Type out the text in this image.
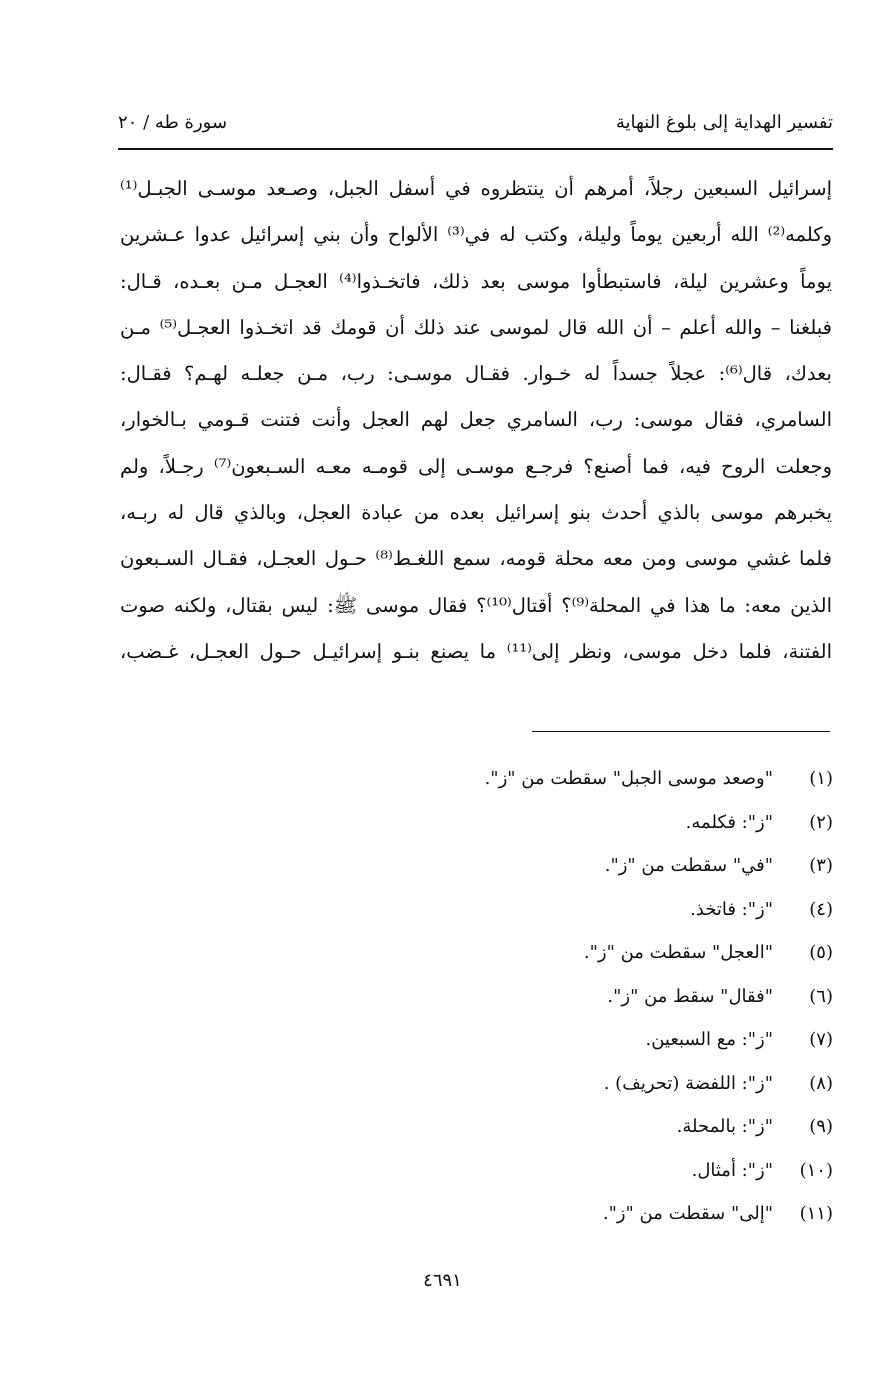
تفسير الهداية إلى بلوغ النهاية
سورة طه / ٢٠
إسرائيل السبعين رجلاً، أمرهم أن ينتظروه في أسفل الجبل، وصـعد موسـى الجبـل⁽¹⁾
وكلمه⁽²⁾ الله أربعين يوماً وليلة، وكتب له في⁽³⁾ الألواح وأن بني إسرائيل عدوا عـشرين
يوماً وعشرين ليلة، فاستبطأوا موسى بعد ذلك، فاتخـذوا⁽⁴⁾ العجـل مـن بعـده، قـال:
فبلغنا – والله أعلم – أن الله قال لموسى عند ذلك أن قومك قد اتخـذوا العجـل⁽⁵⁾ مـن
بعدك، قال⁽⁶⁾: عجلاً جسداً له خـوار. فقـال موسـى: رب، مـن جعلـه لهـم؟ فقـال:
السامري، فقال موسى: رب، السامري جعل لهم العجل وأنت فتنت قـومي بـالخوار،
وجعلت الروح فيه، فما أصنع؟ فرجـع موسـى إلى قومـه معـه السـبعون⁽⁷⁾ رجـلاً، ولم
يخبرهم موسى بالذي أحدث بنو إسرائيل بعده من عبادة العجل، وبالذي قال له ربـه،
فلما غشي موسى ومن معه محلة قومه، سمع اللغـط⁽⁸⁾ حـول العجـل، فقـال السـبعون
الذين معه: ما هذا في المحلة⁽⁹⁾؟ أقتال⁽¹⁰⁾؟ فقال موسى ﷺ: ليس بقتال، ولكنه صوت
الفتنة، فلما دخل موسى، ونظر إلى⁽¹¹⁾ ما يصنع بنـو إسرائيـل حـول العجـل، غـضب،
(١)
"وصعد موسى الجبل" سقطت من "ز".
(٢)
"ز": فكلمه.
(٣)
"في" سقطت من "ز".
(٤)
"ز": فاتخذ.
(٥)
"العجل" سقطت من "ز".
(٦)
"فقال" سقط من "ز".
(٧)
"ز": مع السبعين.
(٨)
"ز": اللفضة (تحريف) .
(٩)
"ز": بالمحلة.
(١٠)
"ز": أمثال.
(١١)
"إلى" سقطت من "ز".
٤٦٩١
